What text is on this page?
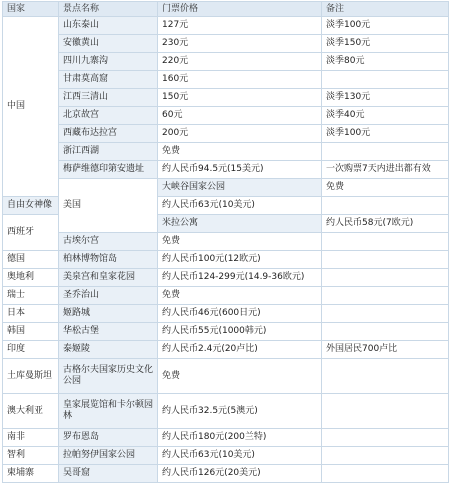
国家	景点名称	门票价格	备注	
中国	山东泰山	127元	淡季100元	
	安徽黄山	230元	淡季150元	
	四川九寨沟	220元	淡季80元	
	甘肃莫高窟	160元		
	江西三清山	150元	淡季130元	
	北京故宫	60元	淡季40元	
	西藏布达拉宫	200元	淡季100元	
	浙江西湖	免费		
	梅萨维德印第安遗址	约人民币94.5元(15美元)	一次购票7天内进出都有效	
	美国	大峡谷国家公园	免费	
自由女神像		约人民币63元(10美元)		
西班牙		米拉公寓	约人民币58元(7欧元)	
	古埃尔宫	免费		
德国	柏林博物馆岛	约人民币100元(12欧元)		
奥地利	美泉宫和皇家花园	约人民币124-299元(14.9-36欧元)		
瑞士	圣乔治山	免费		
日本	姬路城	约人民币46元(600日元)		
韩国	华松古堡	约人民币55元(1000韩元)		
印度	泰姬陵	约人民币2.4元(20卢比)	外国居民700卢比	
土库曼斯坦	古格尔夫国家历史文化公园	免费		
澳大利亚	皇家展览馆和卡尔顿园林	约人民币32.5元(5澳元)		
南非	罗布恩岛	约人民币180元(200兰特)		
智利	拉帕努伊国家公园	约人民币63元(10美元)		
柬埔寨	吴哥窟	约人民币126元(20美元)		
